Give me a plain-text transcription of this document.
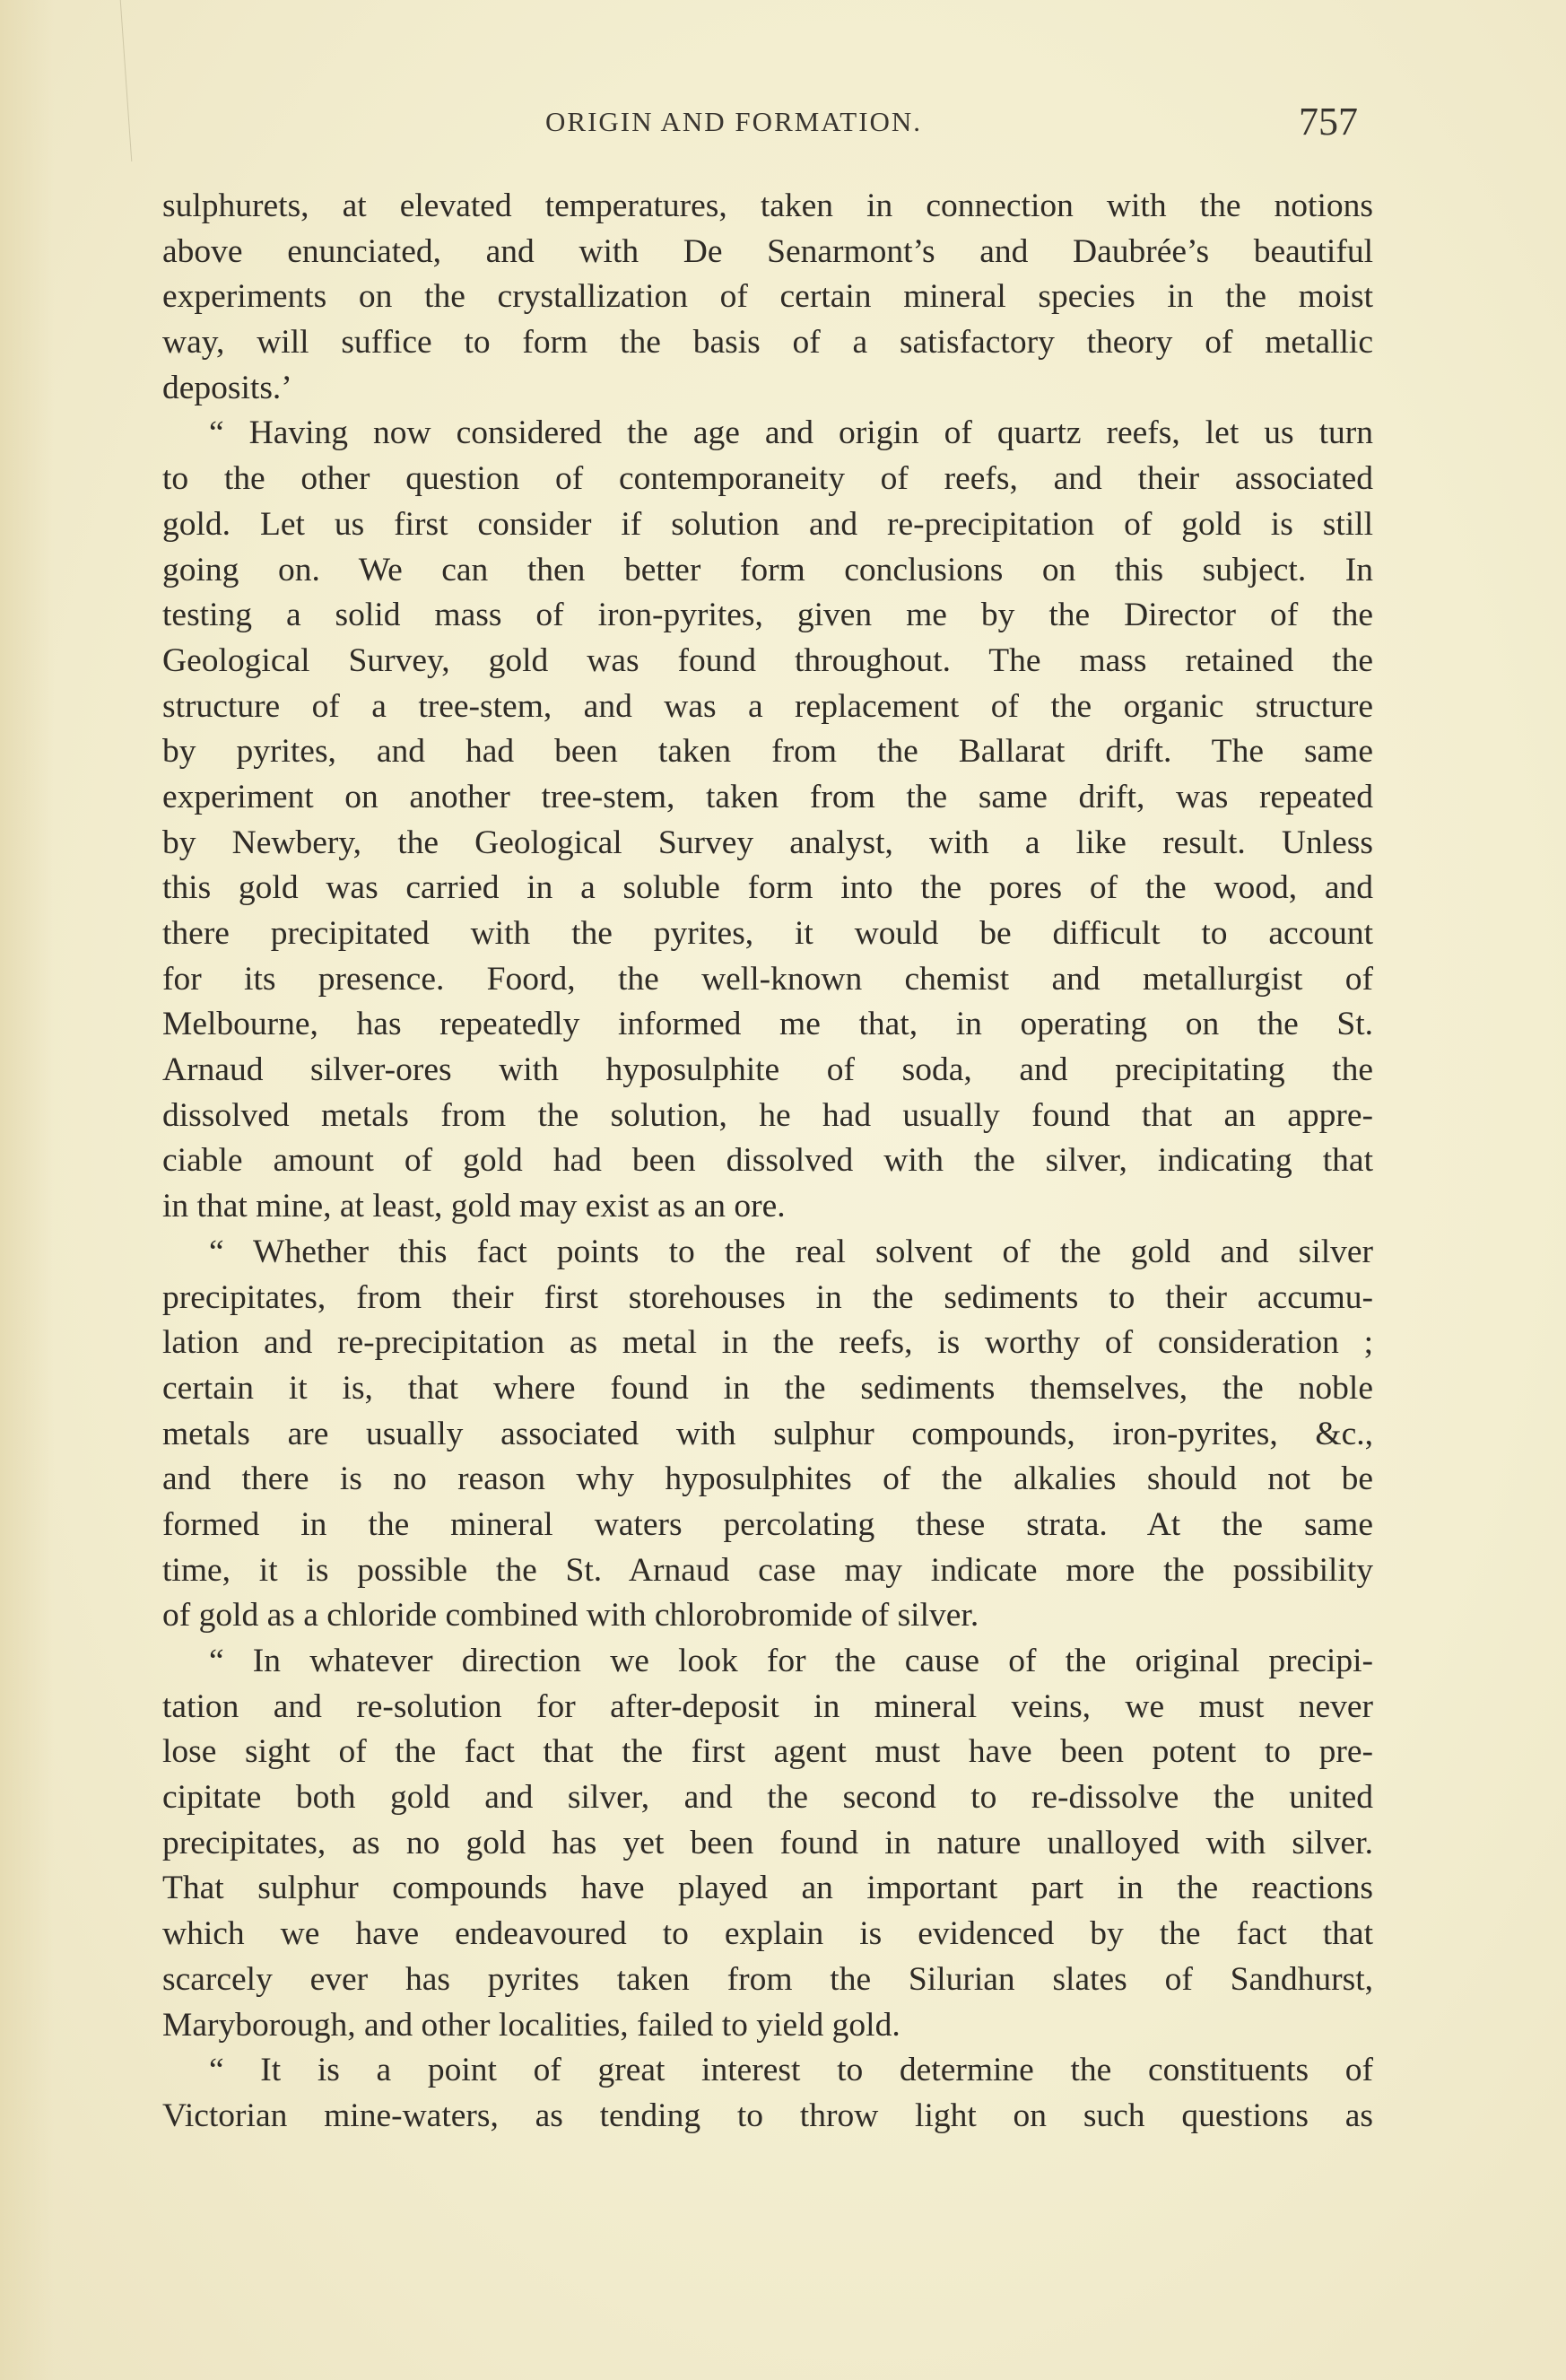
ORIGIN AND FORMATION.	757
sulphurets, at elevated temperatures, taken in connection with the notions
above enunciated, and with De Senarmont’s and Daubrée’s beautiful
experiments on the crystallization of certain mineral species in the moist
way, will suffice to form the basis of a satisfactory theory of metallic
deposits.’
“ Having now considered the age and origin of quartz reefs, let us turn
to the other question of contemporaneity of reefs, and their associated
gold. Let us first consider if solution and re-precipitation of gold is still
going on. We can then better form conclusions on this subject. In
testing a solid mass of iron-pyrites, given me by the Director of the
Geological Survey, gold was found throughout. The mass retained the
structure of a tree-stem, and was a replacement of the organic structure
by pyrites, and had been taken from the Ballarat drift. The same
experiment on another tree-stem, taken from the same drift, was repeated
by Newbery, the Geological Survey analyst, with a like result. Unless
this gold was carried in a soluble form into the pores of the wood, and
there precipitated with the pyrites, it would be difficult to account
for its presence. Foord, the well-known chemist and metallurgist of
Melbourne, has repeatedly informed me that, in operating on the St.
Arnaud silver-ores with hyposulphite of soda, and precipitating the
dissolved metals from the solution, he had usually found that an appre-
ciable amount of gold had been dissolved with the silver, indicating that
in that mine, at least, gold may exist as an ore.
“ Whether this fact points to the real solvent of the gold and silver
precipitates, from their first storehouses in the sediments to their accumu-
lation and re-precipitation as metal in the reefs, is worthy of consideration ;
certain it is, that where found in the sediments themselves, the noble
metals are usually associated with sulphur compounds, iron-pyrites, &c.,
and there is no reason why hyposulphites of the alkalies should not be
formed in the mineral waters percolating these strata. At the same
time, it is possible the St. Arnaud case may indicate more the possibility
of gold as a chloride combined with chlorobromide of silver.
“ In whatever direction we look for the cause of the original precipi-
tation and re-solution for after-deposit in mineral veins, we must never
lose sight of the fact that the first agent must have been potent to pre-
cipitate both gold and silver, and the second to re-dissolve the united
precipitates, as no gold has yet been found in nature unalloyed with silver.
That sulphur compounds have played an important part in the reactions
which we have endeavoured to explain is evidenced by the fact that
scarcely ever has pyrites taken from the Silurian slates of Sandhurst,
Maryborough, and other localities, failed to yield gold.
“ It is a point of great interest to determine the constituents of
Victorian mine-waters, as tending to throw light on such questions as
